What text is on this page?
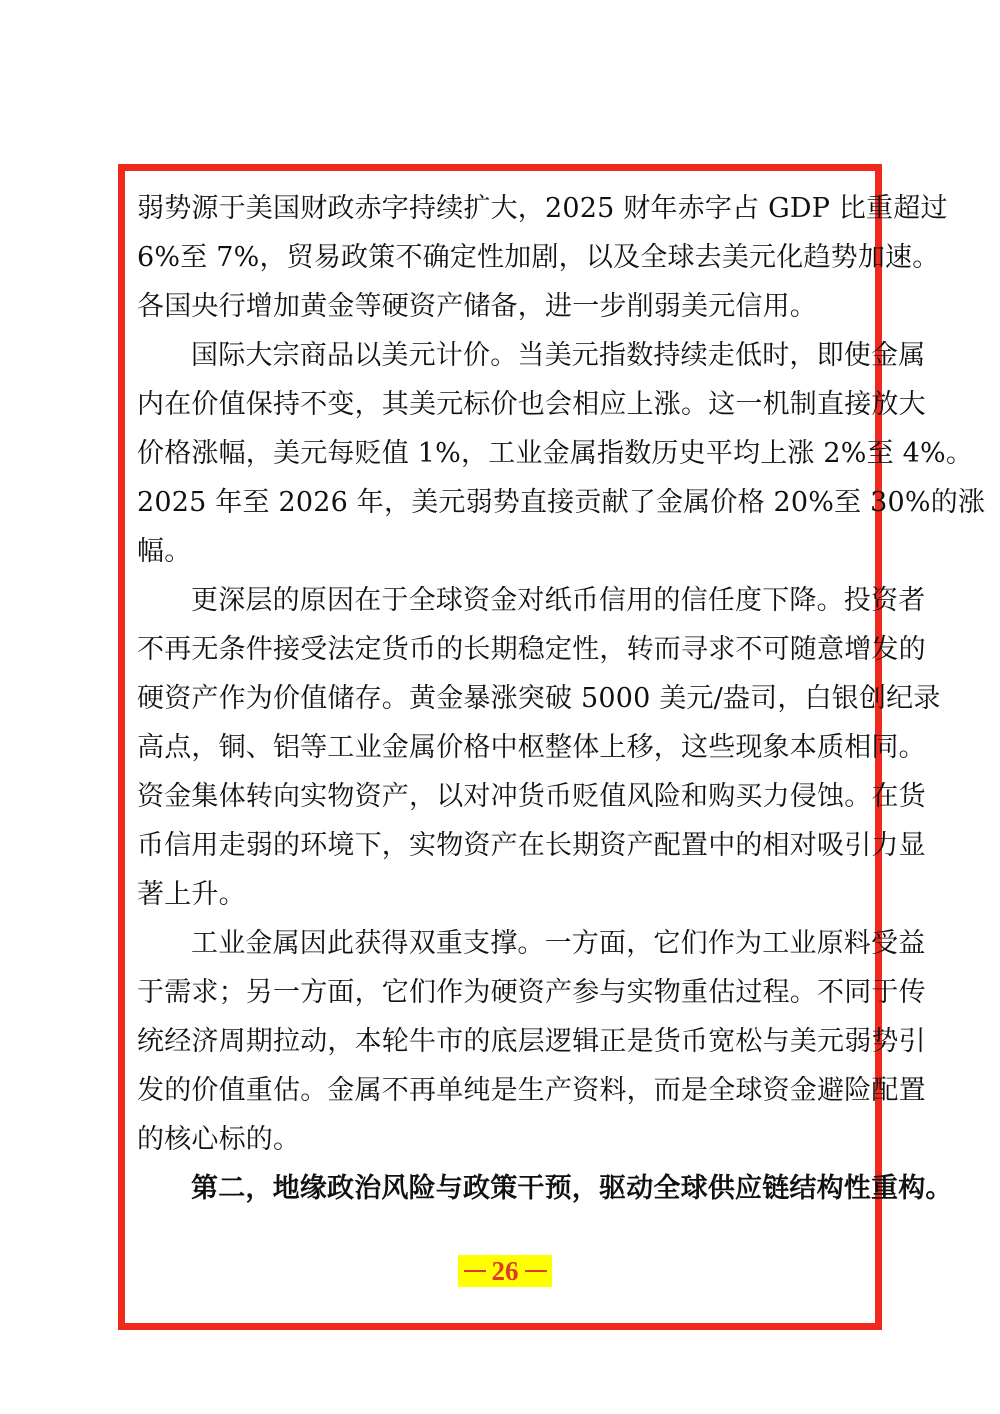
弱势源于美国财政赤字持续扩大，2025 财年赤字占 GDP 比重超过
6%至 7%，贸易政策不确定性加剧，以及全球去美元化趋势加速。
各国央行增加黄金等硬资产储备，进一步削弱美元信用。
国际大宗商品以美元计价。当美元指数持续走低时，即使金属
内在价值保持不变，其美元标价也会相应上涨。这一机制直接放大
价格涨幅，美元每贬值 1%，工业金属指数历史平均上涨 2%至 4%。
2025 年至 2026 年，美元弱势直接贡献了金属价格 20%至 30%的涨
幅。
更深层的原因在于全球资金对纸币信用的信任度下降。投资者
不再无条件接受法定货币的长期稳定性，转而寻求不可随意增发的
硬资产作为价值储存。黄金暴涨突破 5000 美元/盎司，白银创纪录
高点，铜、铝等工业金属价格中枢整体上移，这些现象本质相同。
资金集体转向实物资产，以对冲货币贬值风险和购买力侵蚀。在货
币信用走弱的环境下，实物资产在长期资产配置中的相对吸引力显
著上升。
工业金属因此获得双重支撑。一方面，它们作为工业原料受益
于需求；另一方面，它们作为硬资产参与实物重估过程。不同于传
统经济周期拉动，本轮牛市的底层逻辑正是货币宽松与美元弱势引
发的价值重估。金属不再单纯是生产资料，而是全球资金避险配置
的核心标的。
第二，地缘政治风险与政策干预，驱动全球供应链结构性重构。
26
